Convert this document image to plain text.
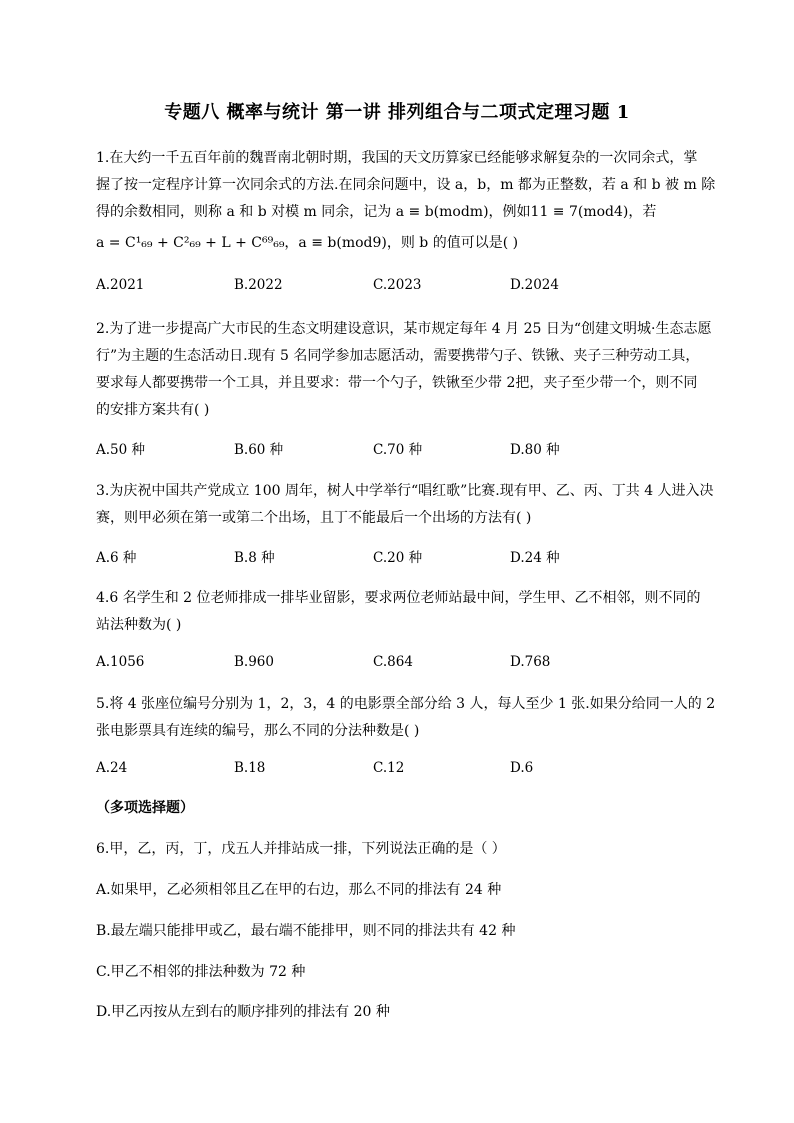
专题八 概率与统计 第一讲 排列组合与二项式定理习题 1
1.在大约一千五百年前的魏晋南北朝时期，我国的天文历算家已经能够求解复杂的一次同余式，掌
握了按一定程序计算一次同余式的方法.在同余问题中，设 a，b，m 都为正整数，若 a 和 b 被 m 除
得的余数相同，则称 a 和 b 对模 m 同余，记为 a ≡ b(modm)，例如11 ≡ 7(mod4)，若
a = C¹₆₉ + C²₆₉ + L + C⁶⁹₆₉，a ≡ b(mod9)，则 b 的值可以是( )
A.2021	B.2022	C.2023	D.2024
2.为了进一步提高广大市民的生态文明建设意识，某市规定每年 4 月 25 日为“创建文明城·生态志愿
行”为主题的生态活动日.现有 5 名同学参加志愿活动，需要携带勺子、铁锹、夹子三种劳动工具，
要求每人都要携带一个工具，并且要求：带一个勺子，铁锹至少带 2把，夹子至少带一个，则不同
的安排方案共有( )
A.50 种	B.60 种	C.70 种	D.80 种
3.为庆祝中国共产党成立 100 周年，树人中学举行“唱红歌”比赛.现有甲、乙、丙、丁共 4 人进入决
赛，则甲必须在第一或第二个出场，且丁不能最后一个出场的方法有( )
A.6 种	B.8 种	C.20 种	D.24 种
4.6 名学生和 2 位老师排成一排毕业留影，要求两位老师站最中间，学生甲、乙不相邻，则不同的
站法种数为( )
A.1056	B.960	C.864	D.768
5.将 4 张座位编号分别为 1，2，3，4 的电影票全部分给 3 人，每人至少 1 张.如果分给同一人的 2
张电影票具有连续的编号，那么不同的分法种数是( )
A.24	B.18	C.12	D.6
（多项选择题）
6.甲，乙，丙，丁，戊五人并排站成一排，下列说法正确的是（ ）
A.如果甲，乙必须相邻且乙在甲的右边，那么不同的排法有 24 种
B.最左端只能排甲或乙，最右端不能排甲，则不同的排法共有 42 种
C.甲乙不相邻的排法种数为 72 种
D.甲乙丙按从左到右的顺序排列的排法有 20 种
